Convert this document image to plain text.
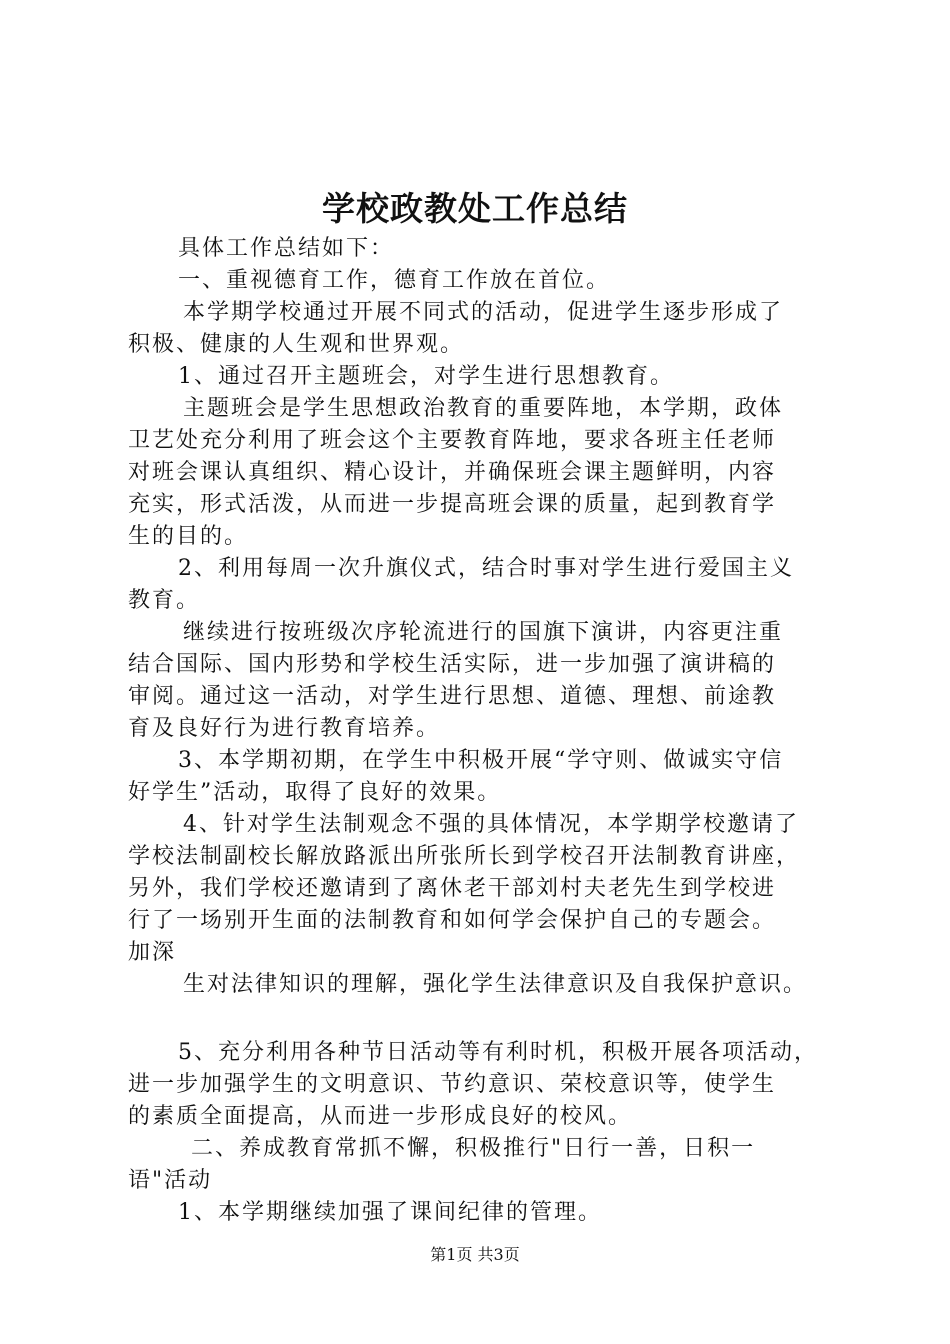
学校政教处工作总结
具体工作总结如下：
一、重视德育工作，德育工作放在首位。
本学期学校通过开展不同式的活动，促进学生逐步形成了
积极、健康的人生观和世界观。
1、通过召开主题班会，对学生进行思想教育。
主题班会是学生思想政治教育的重要阵地，本学期，政体
卫艺处充分利用了班会这个主要教育阵地，要求各班主任老师
对班会课认真组织、精心设计，并确保班会课主题鲜明，内容
充实，形式活泼，从而进一步提高班会课的质量，起到教育学
生的目的。
2、利用每周一次升旗仪式，结合时事对学生进行爱国主义
教育。
继续进行按班级次序轮流进行的国旗下演讲，内容更注重
结合国际、国内形势和学校生活实际，进一步加强了演讲稿的
审阅。通过这一活动，对学生进行思想、道德、理想、前途教
育及良好行为进行教育培养。
3、本学期初期，在学生中积极开展“学守则、做诚实守信
好学生”活动，取得了良好的效果。
4、针对学生法制观念不强的具体情况，本学期学校邀请了
学校法制副校长解放路派出所张所长到学校召开法制教育讲座，
另外，我们学校还邀请到了离休老干部刘村夫老先生到学校进
行了一场别开生面的法制教育和如何学会保护自己的专题会。
加深
生对法律知识的理解，强化学生法律意识及自我保护意识。
5、充分利用各种节日活动等有利时机，积极开展各项活动，
进一步加强学生的文明意识、节约意识、荣校意识等，使学生
的素质全面提高，从而进一步形成良好的校风。
二、养成教育常抓不懈，积极推行"日行一善，日积一
语"活动
1、本学期继续加强了课间纪律的管理。
第1页 共3页
